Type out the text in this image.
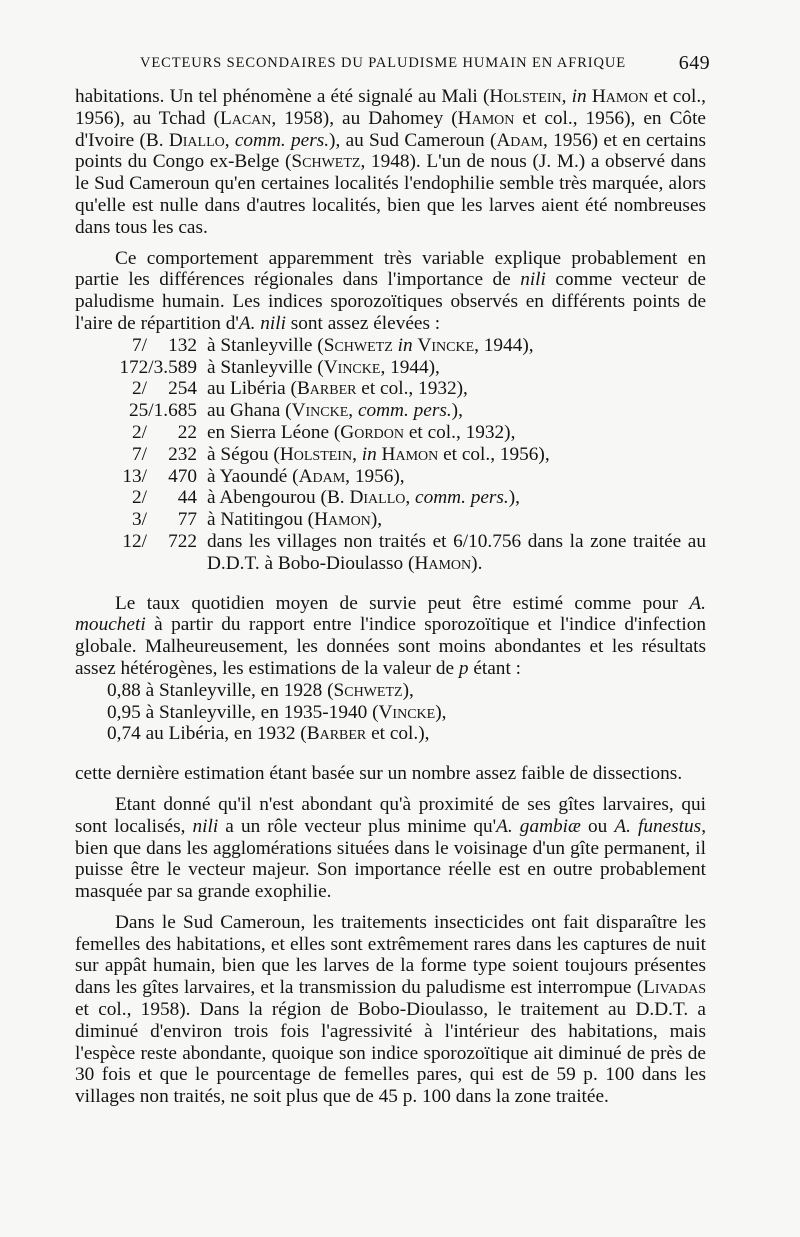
VECTEURS SECONDAIRES DU PALUDISME HUMAIN EN AFRIQUE	649

habitations. Un tel phénomène a été signalé au Mali (Holstein, in Hamon et col., 1956), au Tchad (Lacan, 1958), au Dahomey (Hamon et col., 1956), en Côte d'Ivoire (B. Diallo, comm. pers.), au Sud Cameroun (Adam, 1956) et en certains points du Congo ex-Belge (Schwetz, 1948). L'un de nous (J. M.) a observé dans le Sud Cameroun qu'en certaines localités l'endophilie semble très marquée, alors qu'elle est nulle dans d'autres localités, bien que les larves aient été nombreuses dans tous les cas.

Ce comportement apparemment très variable explique probablement en partie les différences régionales dans l'importance de nili comme vecteur de paludisme humain. Les indices sporozoïtiques observés en différents points de l'aire de répartition d'A. nili sont assez élevées :

7/	132 à Stanleyville (Schwetz in Vincke, 1944),
172/3.589 à Stanleyville (Vincke, 1944),
2/	254 au Libéria (Barber et col., 1932),
25/1.685 au Ghana (Vincke, comm. pers.),
2/	22 en Sierra Léone (Gordon et col., 1932),
7/	232 à Ségou (Holstein, in Hamon et col., 1956),
13/	470 à Yaoundé (Adam, 1956),
2/	44 à Abengourou (B. Diallo, comm. pers.),
3/	77 à Natitingou (Hamon),
12/	722 dans les villages non traités et 6/10.756 dans la zone traitée au D.D.T. à Bobo-Dioulasso (Hamon).

Le taux quotidien moyen de survie peut être estimé comme pour A. moucheti à partir du rapport entre l'indice sporozoïtique et l'indice d'infection globale. Malheureusement, les données sont moins abondantes et les résultats assez hétérogènes, les estimations de la valeur de p étant :

0,88 à Stanleyville, en 1928 (Schwetz),
0,95 à Stanleyville, en 1935-1940 (Vincke),
0,74 au Libéria, en 1932 (Barber et col.),

cette dernière estimation étant basée sur un nombre assez faible de dissections.

Etant donné qu'il n'est abondant qu'à proximité de ses gîtes larvaires, qui sont localisés, nili a un rôle vecteur plus minime qu'A. gambiæ ou A. funestus, bien que dans les agglomérations situées dans le voisinage d'un gîte permanent, il puisse être le vecteur majeur. Son importance réelle est en outre probablement masquée par sa grande exophilie.

Dans le Sud Cameroun, les traitements insecticides ont fait disparaître les femelles des habitations, et elles sont extrêmement rares dans les captures de nuit sur appât humain, bien que les larves de la forme type soient toujours présentes dans les gîtes larvaires, et la transmission du paludisme est interrompue (Livadas et col., 1958). Dans la région de Bobo-Dioulasso, le traitement au D.D.T. a diminué d'environ trois fois l'agressivité à l'intérieur des habitations, mais l'espèce reste abondante, quoique son indice sporozoïtique ait diminué de près de 30 fois et que le pourcentage de femelles pares, qui est de 59 p. 100 dans les villages non traités, ne soit plus que de 45 p. 100 dans la zone traitée.
